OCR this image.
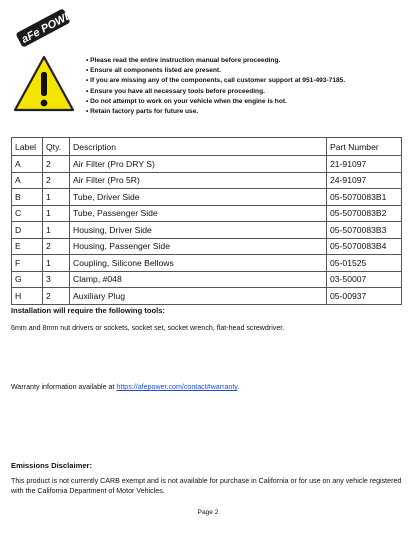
aFe POWER
• Please read the entire instruction manual before proceeding.
• Ensure all components listed are present.
• If you are missing any of the components, call customer support at 951-493-7185.
• Ensure you have all necessary tools before proceeding.
• Do not attempt to work on your vehicle when the engine is hot.
• Retain factory parts for future use.
Label	Qty.	Description	Part Number
A	2	Air Filter (Pro DRY S)	21-91097
A	2	Air Filter (Pro 5R)	24-91097
B	1	Tube, Driver Side	05-5070083B1
C	1	Tube, Passenger Side	05-5070083B2
D	1	Housing, Driver Side	05-5070083B3
E	2	Housing, Passenger Side	05-5070083B4
F	1	Coupling, Silicone Bellows	05-01525
G	3	Clamp, #048	03-50007
H	2	Auxiliary Plug	05-00937
Installation will require the following tools:
6mm and 8mm nut drivers or sockets, socket set, socket wrench, flat-head screwdriver.
Warranty information available at https://afepower.com/contact#warranty.
Emissions Disclaimer:
This product is not currently CARB exempt and is not available for purchase in California or for use on any vehicle registered with the California Department of Motor Vehicles.
Page 2
